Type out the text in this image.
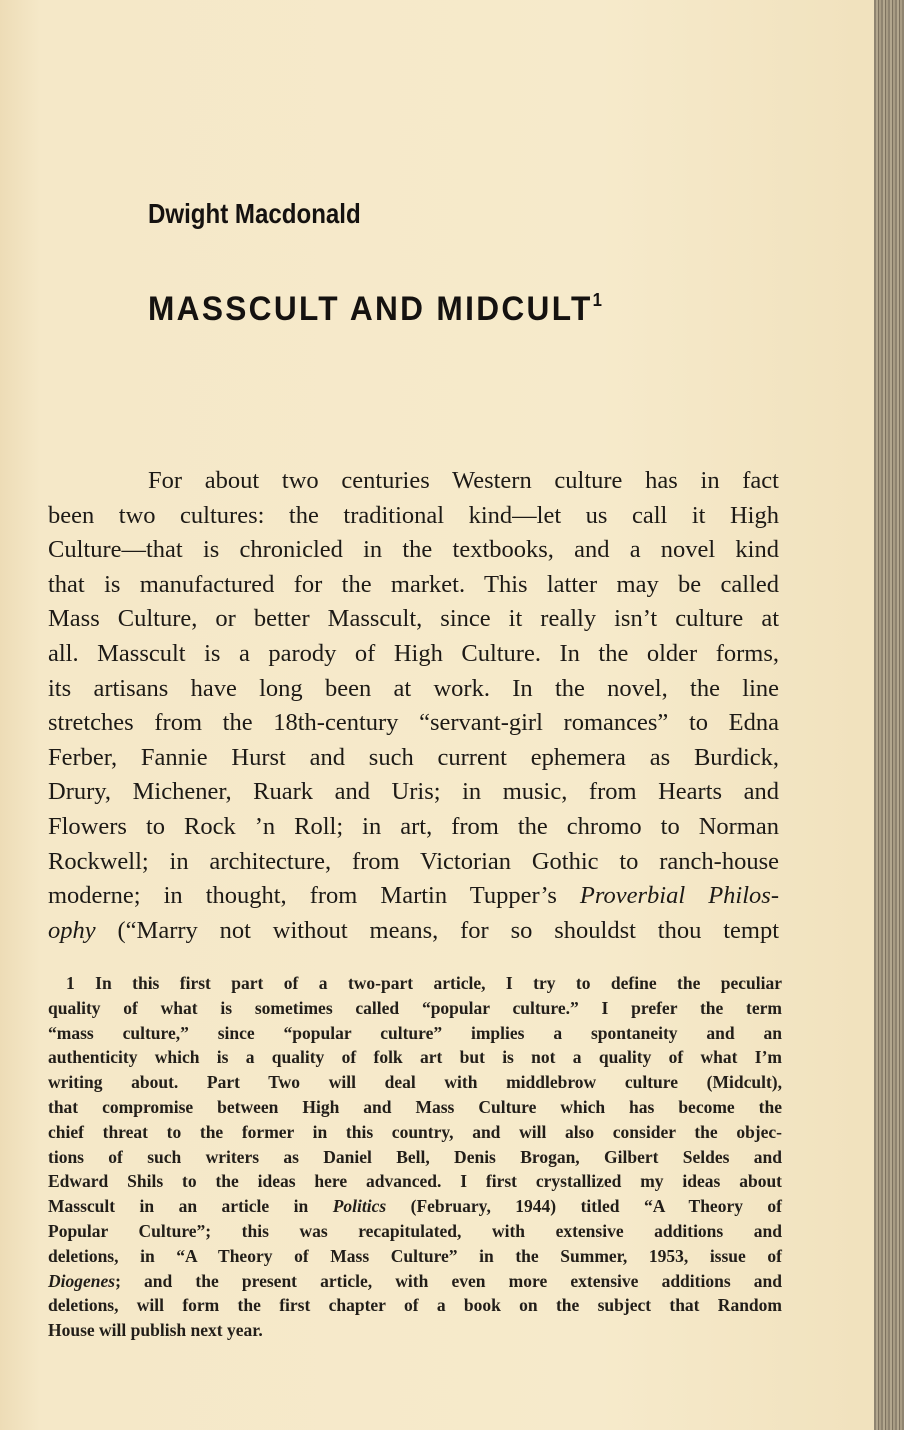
Dwight Macdonald
MASSCULT AND MIDCULT$^1$
For about two centuries Western culture has in fact
been two cultures: the traditional kind—let us call it High
Culture—that is chronicled in the textbooks, and a novel kind
that is manufactured for the market. This latter may be called
Mass Culture, or better Masscult, since it really isn’t culture at
all. Masscult is a parody of High Culture. In the older forms,
its artisans have long been at work. In the novel, the line
stretches from the 18th-century “servant-girl romances” to Edna
Ferber, Fannie Hurst and such current ephemera as Burdick,
Drury, Michener, Ruark and Uris; in music, from Hearts and
Flowers to Rock ’n Roll; in art, from the chromo to Norman
Rockwell; in architecture, from Victorian Gothic to ranch-house
moderne; in thought, from Martin Tupper’s Proverbial Philos-
ophy (“Marry not without means, for so shouldst thou tempt
1 In this first part of a two-part article, I try to define the peculiar
quality of what is sometimes called “popular culture.” I prefer the term
“mass culture,” since “popular culture” implies a spontaneity and an
authenticity which is a quality of folk art but is not a quality of what I’m
writing about. Part Two will deal with middlebrow culture (Midcult),
that compromise between High and Mass Culture which has become the
chief threat to the former in this country, and will also consider the objec-
tions of such writers as Daniel Bell, Denis Brogan, Gilbert Seldes and
Edward Shils to the ideas here advanced. I first crystallized my ideas about
Masscult in an article in Politics (February, 1944) titled “A Theory of
Popular Culture”; this was recapitulated, with extensive additions and
deletions, in “A Theory of Mass Culture” in the Summer, 1953, issue of
Diogenes; and the present article, with even more extensive additions and
deletions, will form the first chapter of a book on the subject that Random
House will publish next year.
